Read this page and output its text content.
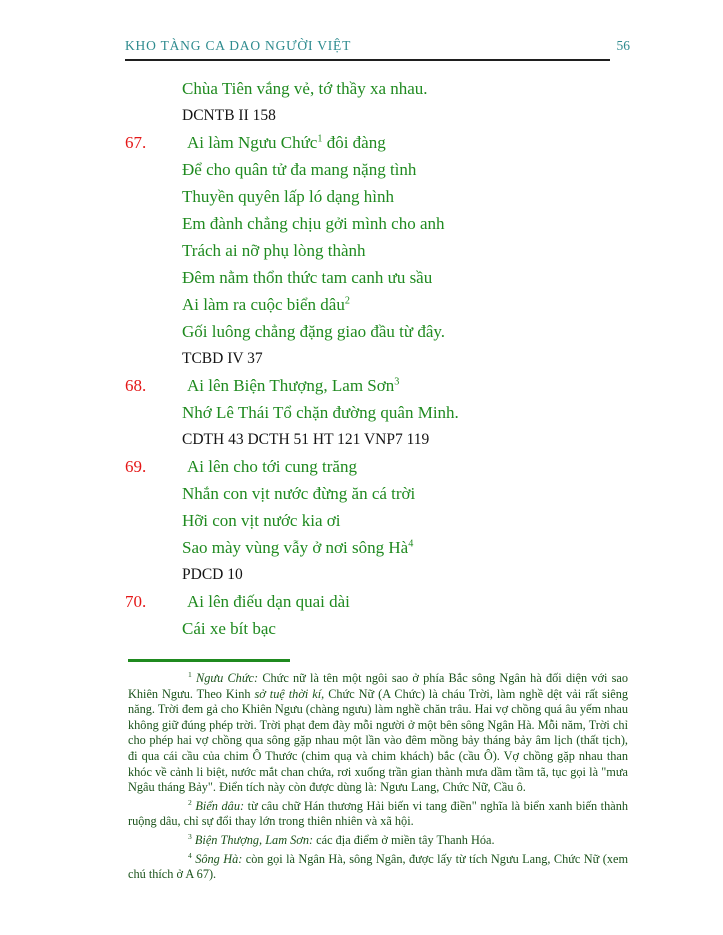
KHO TÀNG CA DAO NGƯỜI VIỆT	56
Chùa Tiên vắng vẻ, tớ thầy xa nhau.
DCNTB II 158
67. Ai làm Ngưu Chức$^1$ đôi đàng
Để cho quân tử đa mang nặng tình
Thuyền quyên lấp ló dạng hình
Em đành chẳng chịu gởi mình cho anh
Trách ai nỡ phụ lòng thành
Đêm nằm thổn thức tam canh ưu sầu
Ai làm ra cuộc biển dâu$^2$
Gối luông chẳng đặng giao đầu từ đây.
TCBD IV 37
68. Ai lên Biện Thượng, Lam Sơn$^3$
Nhớ Lê Thái Tổ chặn đường quân Minh.
CDTH 43 DCTH 51 HT 121 VNP7 119
69. Ai lên cho tới cung trăng
Nhắn con vịt nước đừng ăn cá trời
Hỡi con vịt nước kia ơi
Sao mày vùng vẫy ở nơi sông $Hà^4$
PDCD 10
70. Ai lên điếu dạn quai dài
Cái xe bít bạc

$^1$ Ngưu Chức: Chức nữ là tên một ngôi sao ở phía Bắc sông Ngân hà đối diện với sao Khiên Ngưu. Theo Kinh sở tuệ thời kí, Chức Nữ (A Chức) là cháu Trời, làm nghề dệt vải rất siêng năng. Trời đem gả cho Khiên Ngưu (chàng ngưu) làm nghề chăn trâu. Hai vợ chồng quá âu yếm nhau không giữ đúng phép trời. Trời phạt đem đày mỗi người ở một bên sông Ngân Hà. Mỗi năm, Trời chỉ cho phép hai vợ chồng qua sông gặp nhau một lần vào đêm mồng bảy tháng bảy âm lịch (thất tịch), đi qua cái cầu của chim Ô Thước (chim quạ và chim khách) bắc (cầu Ô). Vợ chồng gặp nhau than khóc về cảnh li biệt, nước mắt chan chứa, rơi xuống trần gian thành mưa dầm tầm tã, tục gọi là "mưa Ngâu tháng Bảy". Điển tích này còn được dùng là: Ngưu Lang, Chức Nữ, Cầu ô.

$^2$ Biển dâu: từ câu chữ Hán thương Hải biến vi tang điền" nghĩa là biển xanh biến thành ruộng dâu, chỉ sự đổi thay lớn trong thiên nhiên và xã hội.

$^3$ Biện Thượng, Lam Sơn: các địa điểm ở miền tây Thanh Hóa.

$^4$ Sông Hà: còn gọi là Ngân Hà, sông Ngân, được lấy từ tích Ngưu Lang, Chức Nữ (xem chú thích ở A 67).
